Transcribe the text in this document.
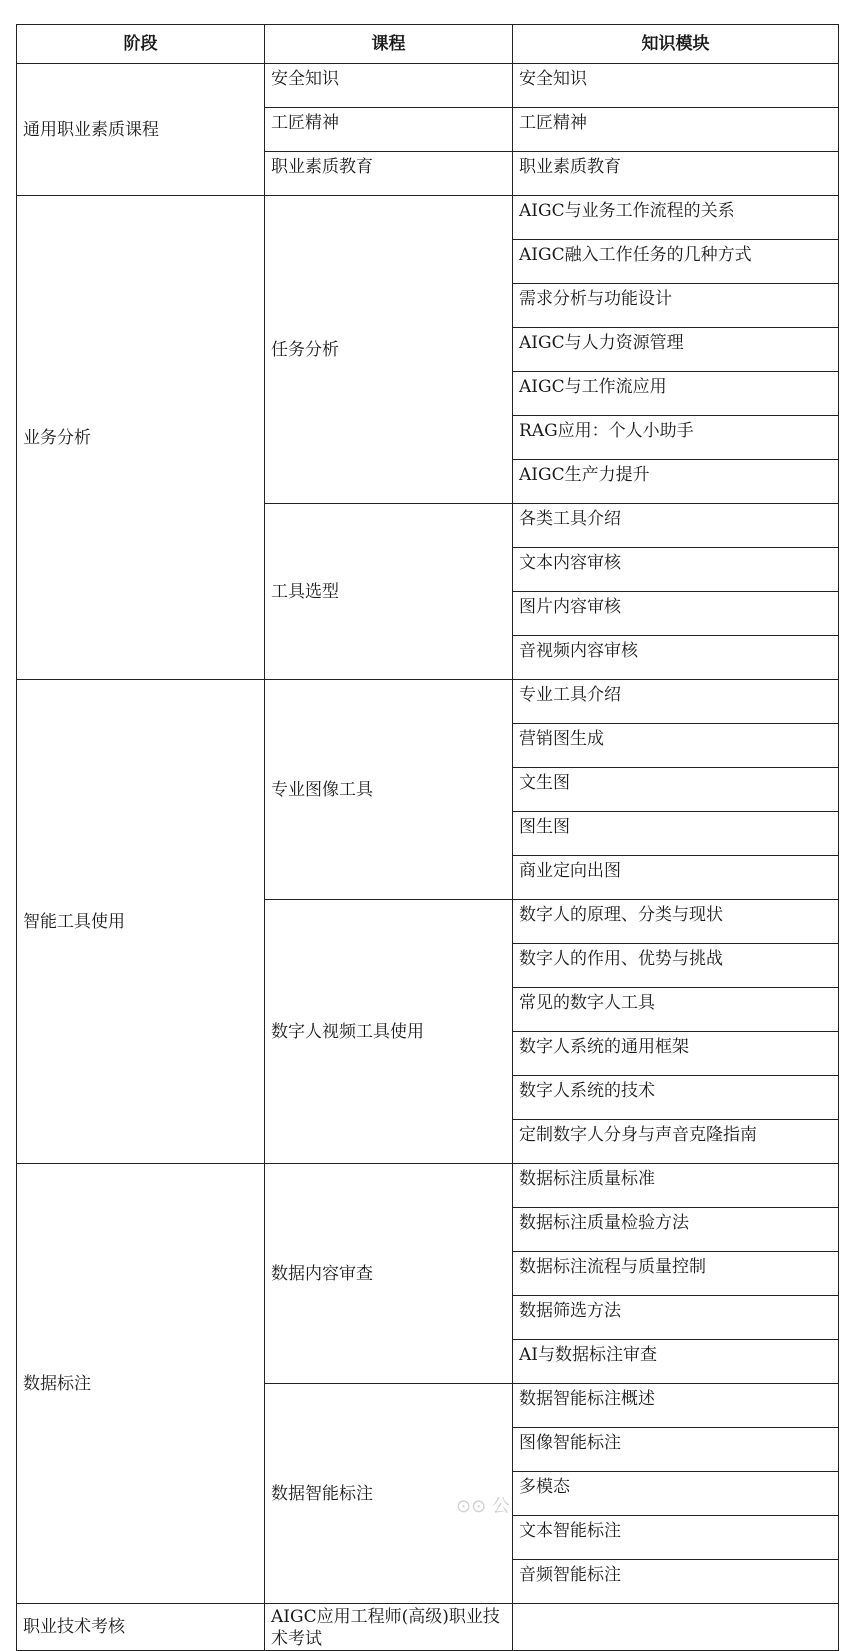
阶段	课程	知识模块
通用职业素质课程	安全知识	安全知识
	工匠精神	工匠精神
	职业素质教育	职业素质教育
业务分析	任务分析	AIGC与业务工作流程的关系
		AIGC融入工作任务的几种方式
		需求分析与功能设计
		AIGC与人力资源管理
		AIGC与工作流应用
		RAG应用：个人小助手
		AIGC生产力提升
	工具选型	各类工具介绍
		文本内容审核
		图片内容审核
		音视频内容审核
智能工具使用	专业图像工具	专业工具介绍
		营销图生成
		文生图
		图生图
		商业定向出图
	数字人视频工具使用	数字人的原理、分类与现状
		数字人的作用、优势与挑战
		常见的数字人工具
		数字人系统的通用框架
		数字人系统的技术
		定制数字人分身与声音克隆指南
数据标注	数据内容审查	数据标注质量标准
		数据标注质量检验方法
		数据标注流程与质量控制
		数据筛选方法
		AI与数据标注审查
	数据智能标注	数据智能标注概述
		图像智能标注
		多模态
		文本智能标注
		音频智能标注
职业技术考核	AIGC应用工程师(高级)职业技术考试	
⊙⊙ 公
